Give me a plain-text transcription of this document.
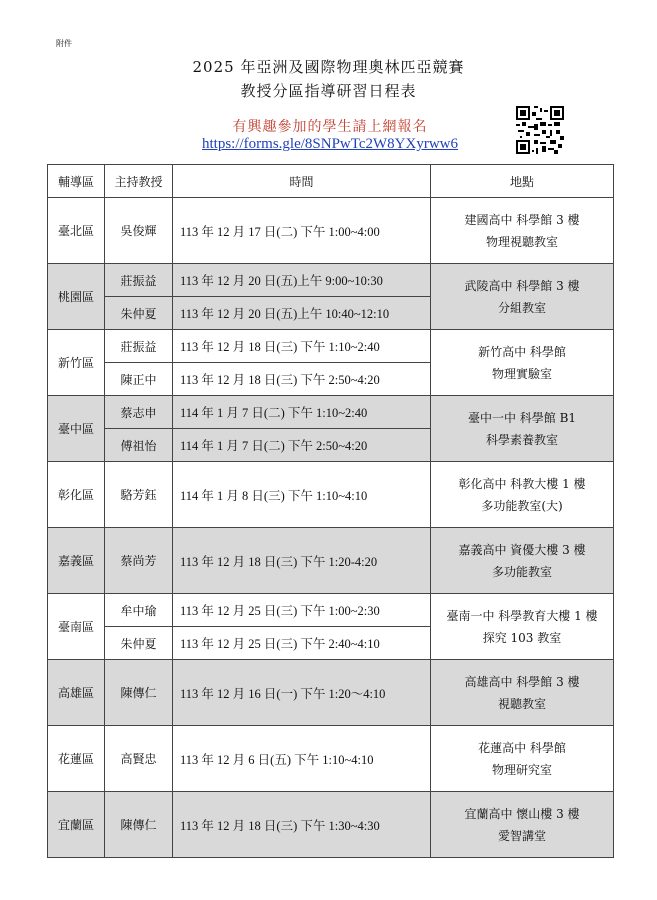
附件
2025 年亞洲及國際物理奧林匹亞競賽
教授分區指導研習日程表
有興趣參加的學生請上網報名
https://forms.gle/8SNPwTc2W8YXyrww6
輔導區	主持教授	時間	地點
臺北區	吳俊輝	113 年 12 月 17 日(二) 下午 1:00~4:00	建國高中 科學館 3 樓
物理視聽教室

桃園區	莊振益	113 年 12 月 20 日(五)上午 9:00~10:30	武陵高中 科學館 3 樓
分組教室

	朱仲夏	113 年 12 月 20 日(五)上午 10:40~12:10	
新竹區	莊振益	113 年 12 月 18 日(三) 下午 1:10~2:40	新竹高中 科學館
物理實驗室

	陳正中	113 年 12 月 18 日(三) 下午 2:50~4:20	
臺中區	蔡志申	114 年 1 月 7 日(二) 下午 1:10~2:40	臺中一中 科學館 B1
科學素養教室

	傅祖怡	114 年 1 月 7 日(二) 下午 2:50~4:20	
彰化區	駱芳鈺	114 年 1 月 8 日(三) 下午 1:10~4:10	彰化高中 科教大樓 1 樓
多功能教室(大)

嘉義區	蔡尚芳	113 年 12 月 18 日(三) 下午 1:20-4:20	嘉義高中 資優大樓 3 樓
多功能教室

臺南區	牟中瑜	113 年 12 月 25 日(三) 下午 1:00~2:30	臺南一中 科學教育大樓 1 樓
探究 103 教室

	朱仲夏	113 年 12 月 25 日(三) 下午 2:40~4:10	
高雄區	陳傳仁	113 年 12 月 16 日(一) 下午 1:20～4:10	高雄高中 科學館 3 樓
視聽教室

花蓮區	高賢忠	113 年 12 月 6 日(五) 下午 1:10~4:10	花蓮高中 科學館
物理研究室

宜蘭區	陳傳仁	113 年 12 月 18 日(三) 下午 1:30~4:30	宜蘭高中 懷山樓 3 樓
愛智講堂
